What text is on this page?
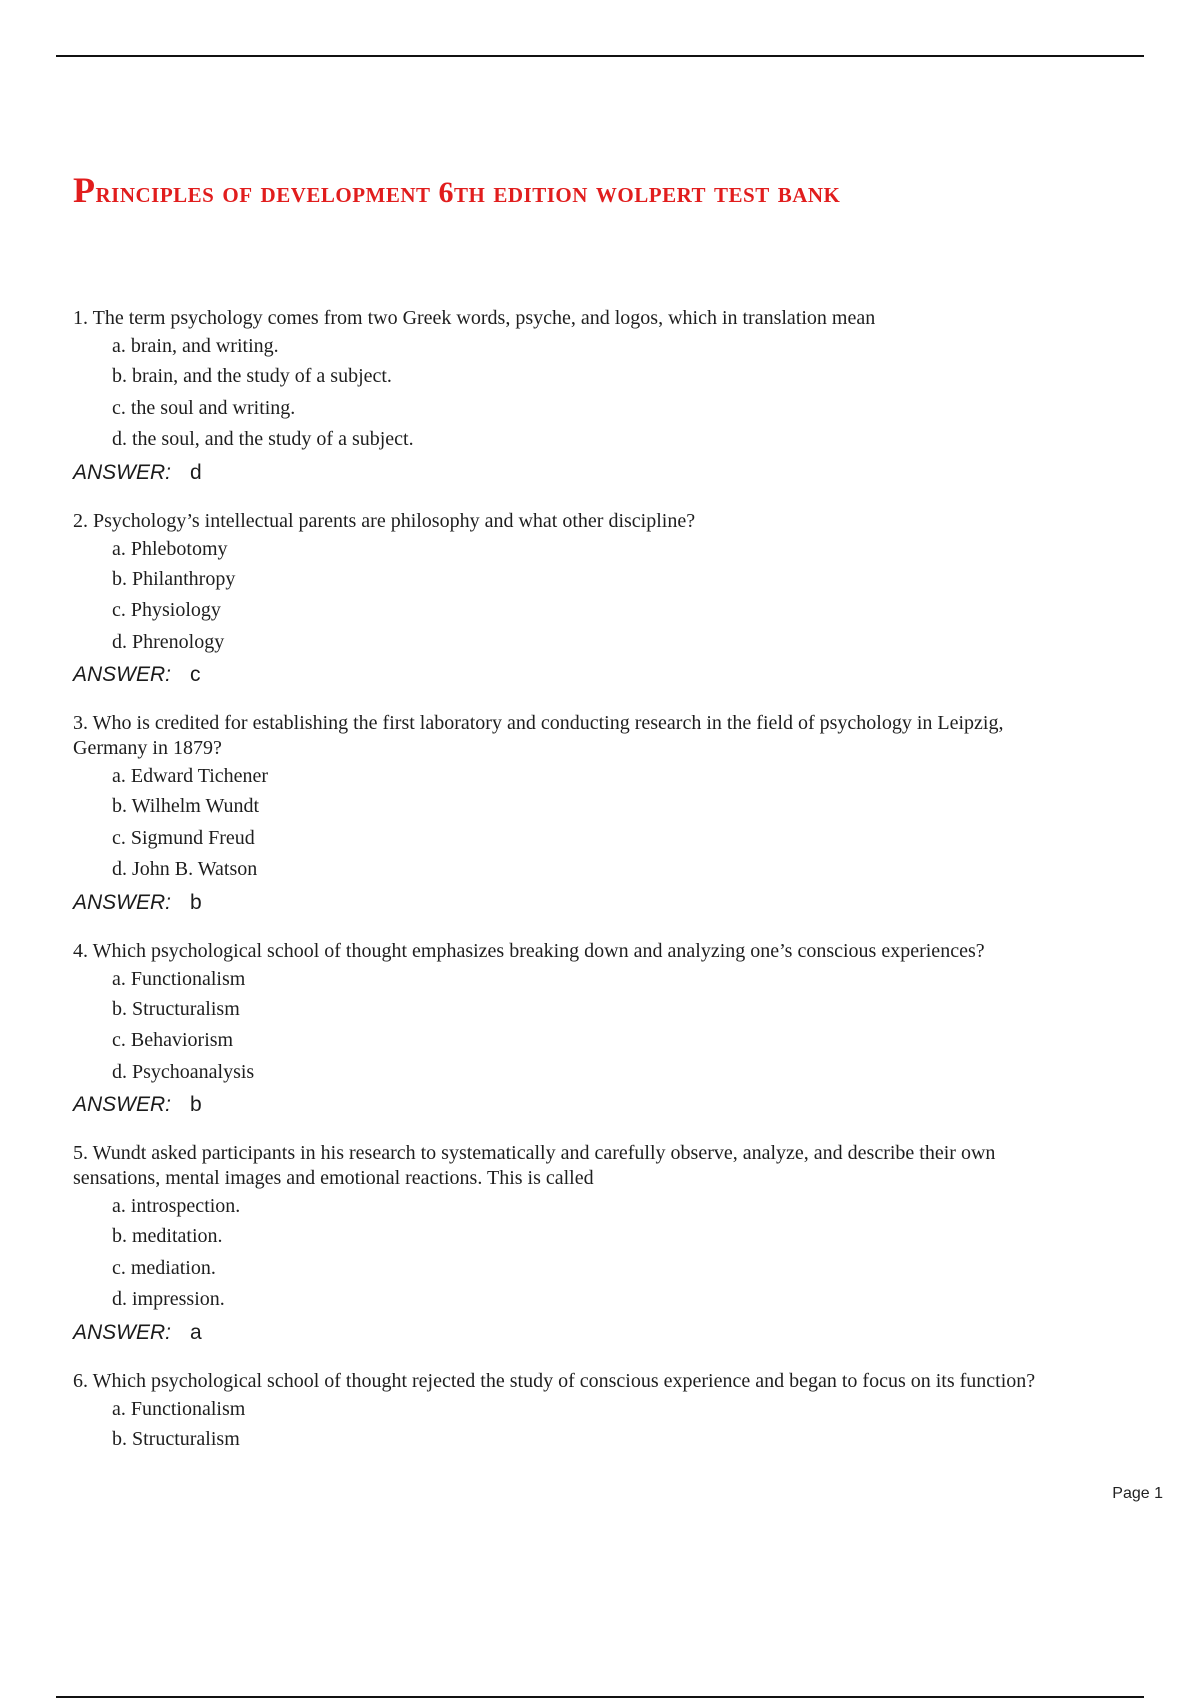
Principles of development 6th edition wolpert test bank

1. The term psychology comes from two Greek words, psyche, and logos, which in translation mean

a. brain, and writing.
b. brain, and the study of a subject.
c. the soul and writing.
d. the soul, and the study of a subject.
ANSWER: d

2. Psychology’s intellectual parents are philosophy and what other discipline?

a. Phlebotomy
b. Philanthropy
c. Physiology
d. Phrenology
ANSWER: c

3. Who is credited for establishing the first laboratory and conducting research in the field of psychology in Leipzig, Germany in 1879?

a. Edward Tichener
b. Wilhelm Wundt
c. Sigmund Freud
d. John B. Watson
ANSWER: b

4. Which psychological school of thought emphasizes breaking down and analyzing one’s conscious experiences?

a. Functionalism
b. Structuralism
c. Behaviorism
d. Psychoanalysis
ANSWER: b

5. Wundt asked participants in his research to systematically and carefully observe, analyze, and describe their own sensations, mental images and emotional reactions. This is called

a. introspection.
b. meditation.
c. mediation.
d. impression.
ANSWER: a

6. Which psychological school of thought rejected the study of conscious experience and began to focus on its function?

a. Functionalism
b. Structuralism
Page 1
